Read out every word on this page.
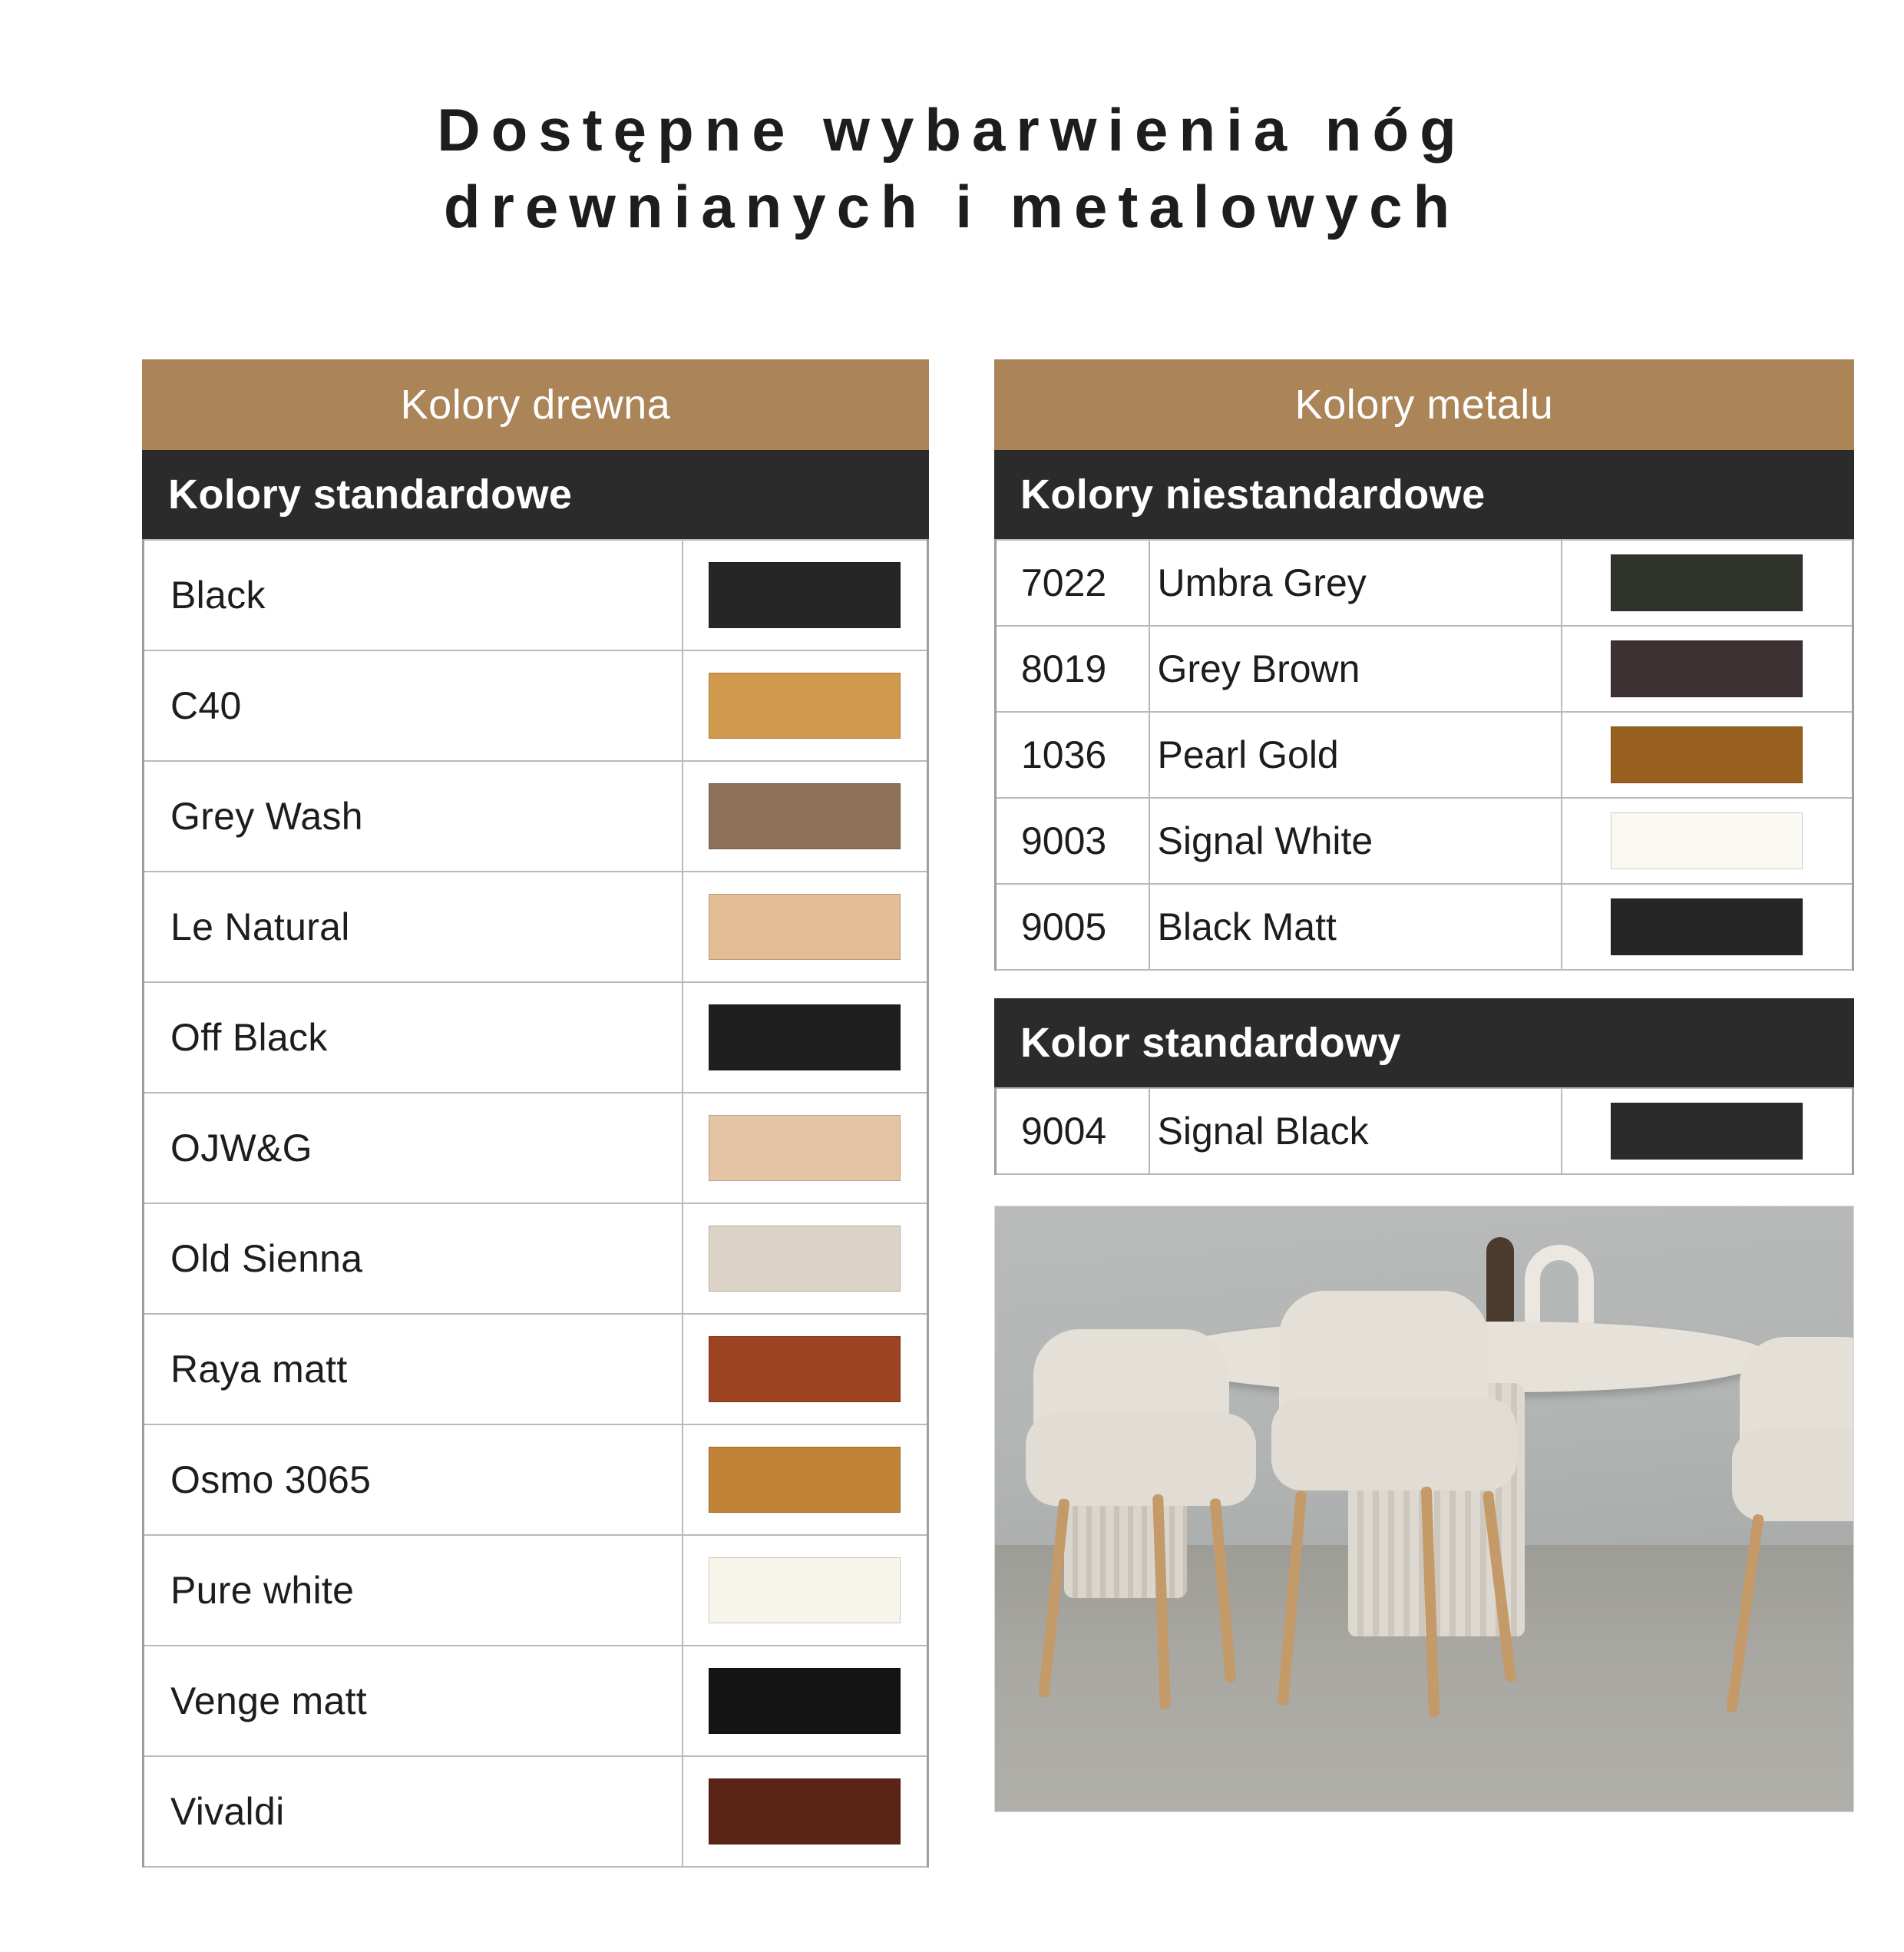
Dostępne wybarwienia nóg
drewnianych i metalowych
Kolory drewna
Kolory standardowe
Black	

C40	

Grey Wash	

Le Natural	

Off Black	

OJW&G	

Old Sienna	

Raya matt	

Osmo 3065	

Pure white	

Venge matt	

Vivaldi	
Kolory metalu
Kolory niestandardowe
7022	Umbra Grey	

8019	Grey Brown	

1036	Pearl Gold	

9003	Signal White	

9005	Black Matt	
Kolor standardowy
9004	Signal Black	
